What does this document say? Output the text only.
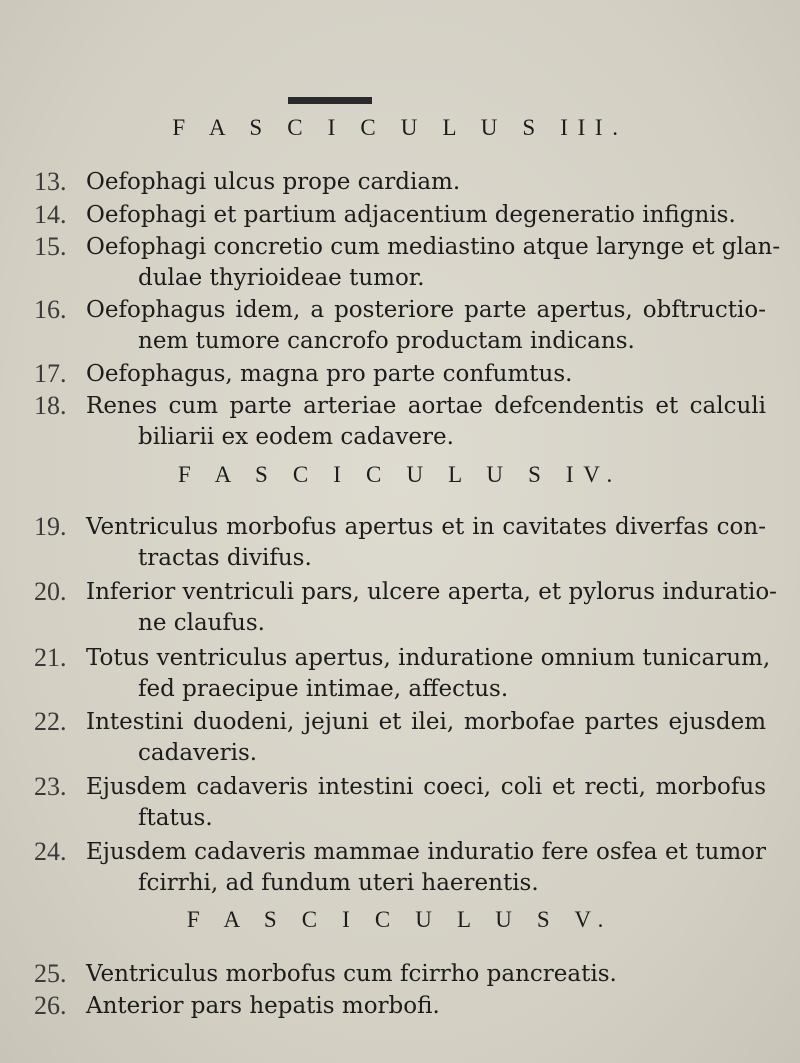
F A S C I C U L U S III.
13. Oefophagi ulcus prope cardiam.
14. Oefophagi et partium adjacentium degeneratio infignis.
15. Oefophagi concretio cum mediastino atque larynge et glan-
dulae thyrioideae tumor.
16. Oefophagus idem, a posteriore parte apertus, obftructio-
nem tumore cancrofo productam indicans.
17. Oefophagus, magna pro parte confumtus.
18. Renes cum parte arteriae aortae defcendentis et calculi
biliarii ex eodem cadavere.
F A S C I C U L U S IV.
19. Ventriculus morbofus apertus et in cavitates diverfas con-
tractas divifus.
20. Inferior ventriculi pars, ulcere aperta, et pylorus induratio-
ne claufus.
21. Totus ventriculus apertus, induratione omnium tunicarum,
fed praecipue intimae, affectus.
22. Intestini duodeni, jejuni et ilei, morbofae partes ejusdem
cadaveris.
23. Ejusdem cadaveris intestini coeci, coli et recti, morbofus
ftatus.
24. Ejusdem cadaveris mammae induratio fere osfea et tumor
fcirrhi, ad fundum uteri haerentis.
F A S C I C U L U S V.
25. Ventriculus morbofus cum fcirrho pancreatis.
26. Anterior pars hepatis morbofi.
